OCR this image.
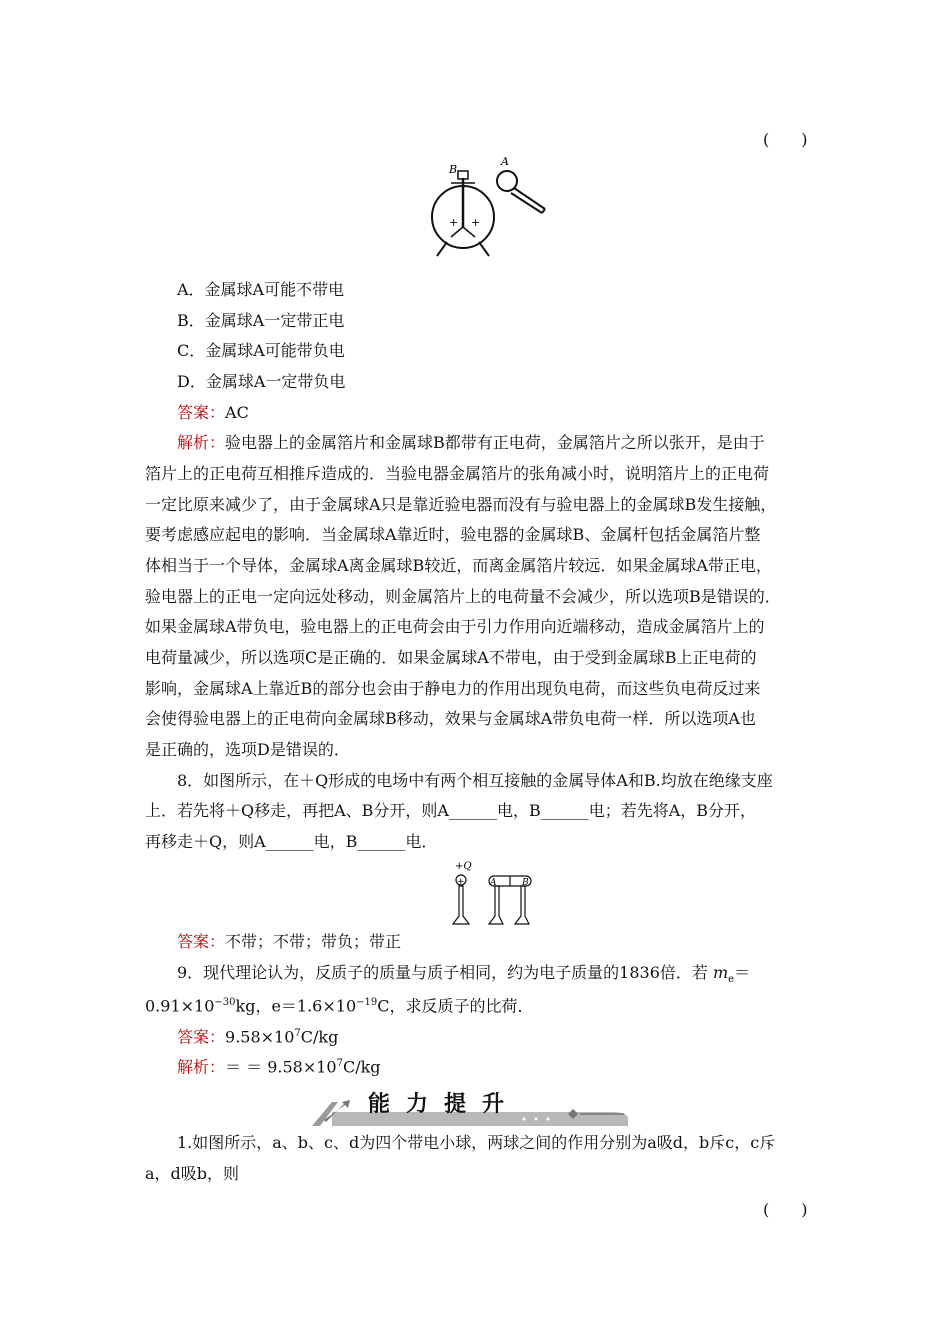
(　　)
+ +
B
A
A．金属球A可能不带电
B．金属球A一定带正电
C．金属球A可能带负电
D．金属球A一定带负电
答案：AC
解析：验电器上的金属箔片和金属球B都带有正电荷，金属箔片之所以张开，是由于
箔片上的正电荷互相推斥造成的．当验电器金属箔片的张角减小时，说明箔片上的正电荷
一定比原来减少了，由于金属球A只是靠近验电器而没有与验电器上的金属球B发生接触，
要考虑感应起电的影响．当金属球A靠近时，验电器的金属球B、金属杆包括金属箔片整
体相当于一个导体，金属球A离金属球B较近，而离金属箔片较远．如果金属球A带正电，
验电器上的正电一定向远处移动，则金属箔片上的电荷量不会减少，所以选项B是错误的．
如果金属球A带负电，验电器上的正电荷会由于引力作用向近端移动，造成金属箔片上的
电荷量减少，所以选项C是正确的．如果金属球A不带电，由于受到金属球B上正电荷的
影响，金属球A上靠近B的部分也会由于静电力的作用出现负电荷，而这些负电荷反过来
会使得验电器上的正电荷向金属球B移动，效果与金属球A带负电荷一样．所以选项A也
是正确的，选项D是错误的．
8．如图所示，在＋Q形成的电场中有两个相互接触的金属导体A和B.均放在绝缘支座
上．若先将＋Q移走，再把A、B分开，则A______电，B______电；若先将A，B分开，
再移走＋Q，则A______电，B______电．
+Q
+	A	B
答案：不带；不带；带负；带正
9．现代理论认为，反质子的质量与质子相同，约为电子质量的1836倍．若 $m_e=$
$0.91\times 10^{-30}kg$，$e=1.6\times 10^{-19}C$，求反质子的比荷．
答案：$9.58\times 10^7C/kg$
解析：＝ ＝ $9.58\times 10^7C/kg$
能力提升
1.如图所示，a、b、c、d为四个带电小球，两球之间的作用分别为a吸d，b斥c，c斥
a，d吸b，则
(　　)
